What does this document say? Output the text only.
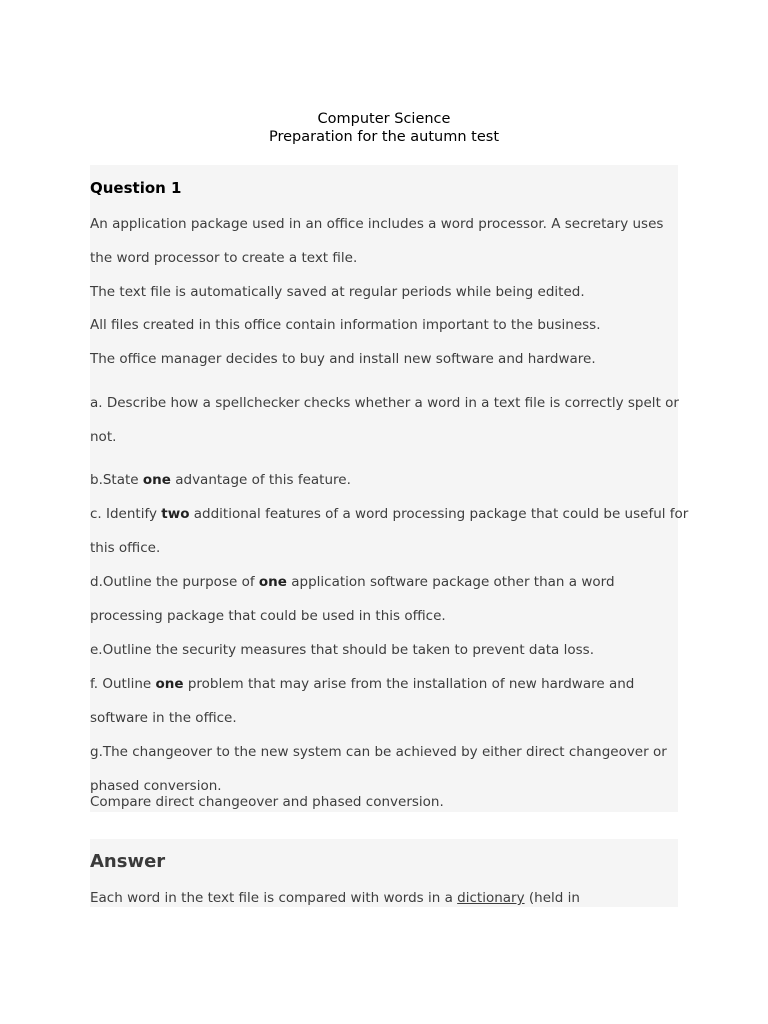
Computer Science
Preparation for the autumn test
Question 1
An application package used in an office includes a word processor. A secretary uses
the word processor to create a text file.
The text file is automatically saved at regular periods while being edited.
All files created in this office contain information important to the business.
The office manager decides to buy and install new software and hardware.
a. Describe how a spellchecker checks whether a word in a text file is correctly spelt or
not.
b.State one advantage of this feature.
c. Identify two additional features of a word processing package that could be useful for
this office.
d.Outline the purpose of one application software package other than a word
processing package that could be used in this office.
e.Outline the security measures that should be taken to prevent data loss.
f. Outline one problem that may arise from the installation of new hardware and
software in the office.
g.The changeover to the new system can be achieved by either direct changeover or
phased conversion.
Compare direct changeover and phased conversion.
Answer
Each word in the text file is compared with words in a dictionary (held in
